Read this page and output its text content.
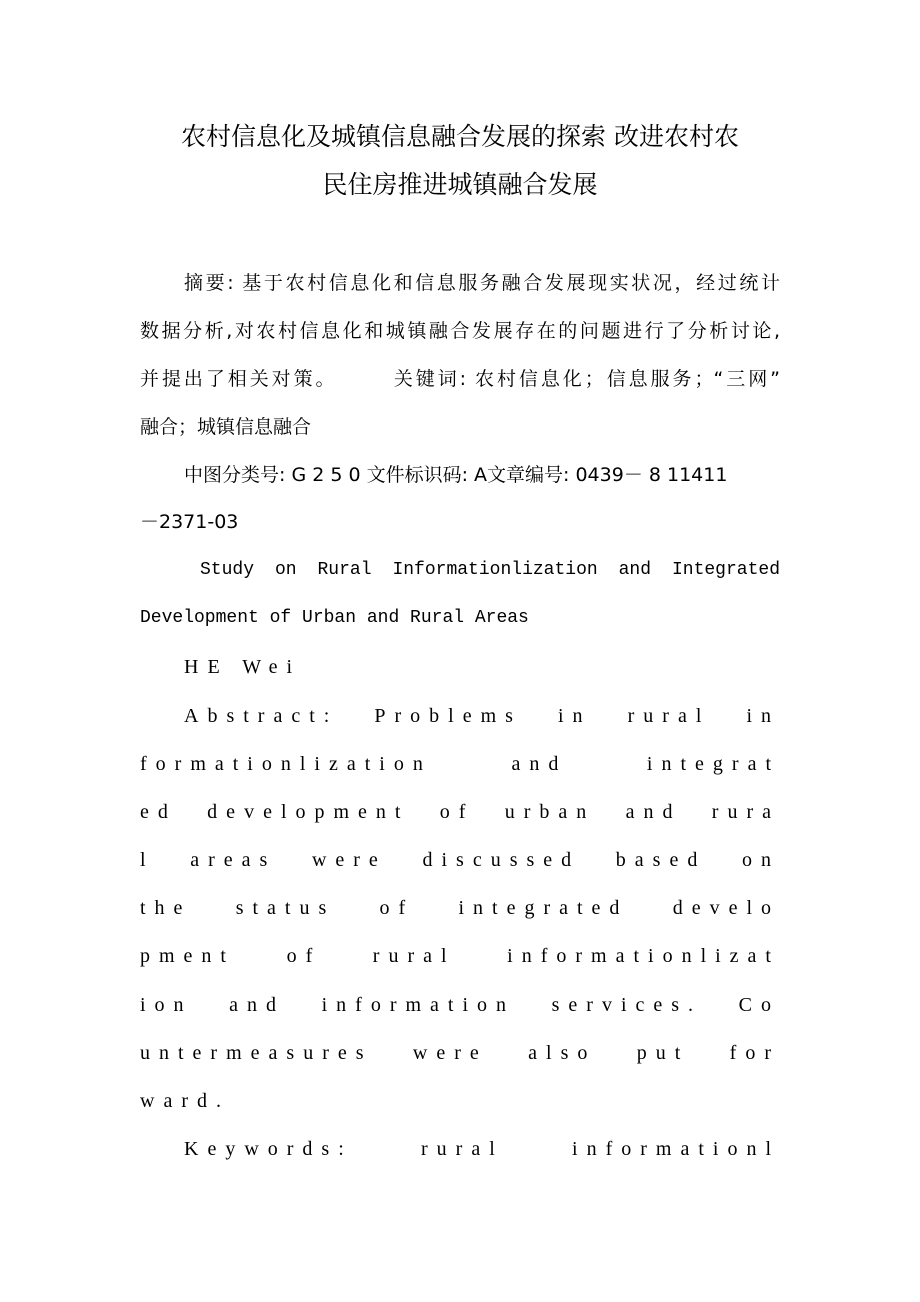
农村信息化及城镇信息融合发展的探索 改进农村农
民住房推进城镇融合发展
摘要: 基于农村信息化和信息服务融合发展现实状况，经过统计
数据分析,对农村信息化和城镇融合发展存在的问题进行了分析讨论,
并提出了相关对策。　　　关键词: 农村信息化；信息服务；“三网”
融合；城镇信息融合
中图分类号: G 2 5 0 文件标识码: A文章编号: 0439－ 8 11411
－2371-03
Study on Rural Informationlization and Integrated
Development of Urban and Rural Areas
HE Wei
Abstract: Problems in rural in
formationlization and integrat
ed development of urban and rura
l areas were discussed based on
the status of integrated develo
pment of rural informationlizat
ion and information services. Co
untermeasures were also put for
ward.
Keywords: rural informationl
